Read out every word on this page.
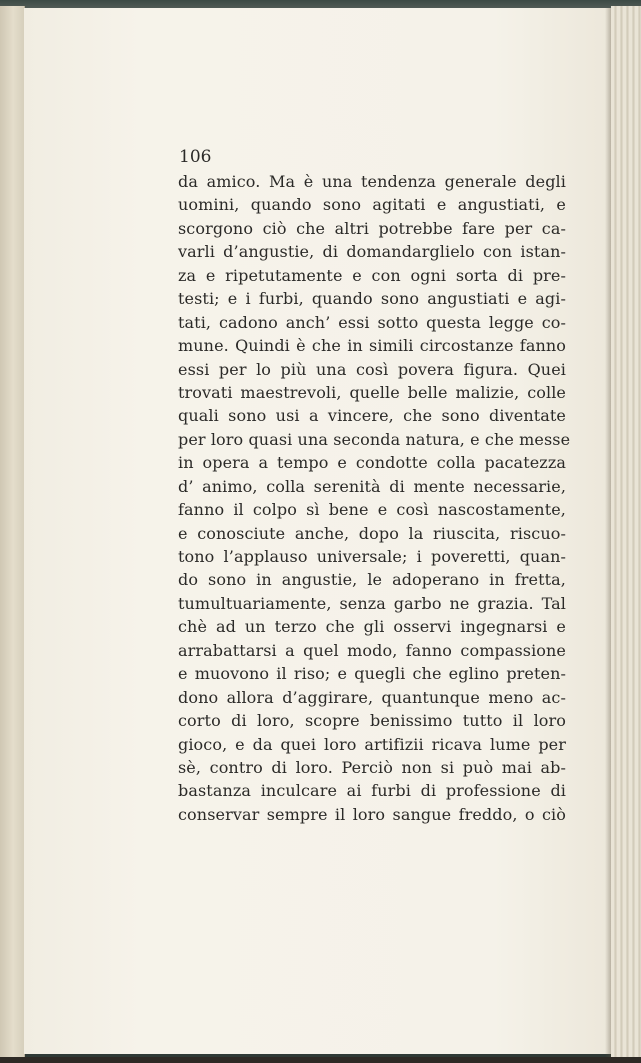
106
da amico. Ma è una tendenza generale degli
uomini, quando sono agitati e angustiati, e
scorgono ciò che altri potrebbe fare per ca-
varli d’angustie, di domandarglielo con istan-
za e ripetutamente e con ogni sorta di pre-
testi; e i furbi, quando sono angustiati e agi-
tati, cadono anch’ essi sotto questa legge co-
mune. Quindi è che in simili circostanze fanno
essi per lo più una così povera figura. Quei
trovati maestrevoli, quelle belle malizie, colle
quali sono usi a vincere, che sono diventate
per loro quasi una seconda natura, e che messe
in opera a tempo e condotte colla pacatezza
d’ animo, colla serenità di mente necessarie,
fanno il colpo sì bene e così nascostamente,
e conosciute anche, dopo la riuscita, riscuo-
tono l’applauso universale; i poveretti, quan-
do sono in angustie, le adoperano in fretta,
tumultuariamente, senza garbo ne grazia. Tal
chè ad un terzo che gli osservi ingegnarsi e
arrabattarsi a quel modo, fanno compassione
e muovono il riso; e quegli che eglino preten-
dono allora d’aggirare, quantunque meno ac-
corto di loro, scopre benissimo tutto il loro
gioco, e da quei loro artifizii ricava lume per
sè, contro di loro. Perciò non si può mai ab-
bastanza inculcare ai furbi di professione di
conservar sempre il loro sangue freddo, o ciò
